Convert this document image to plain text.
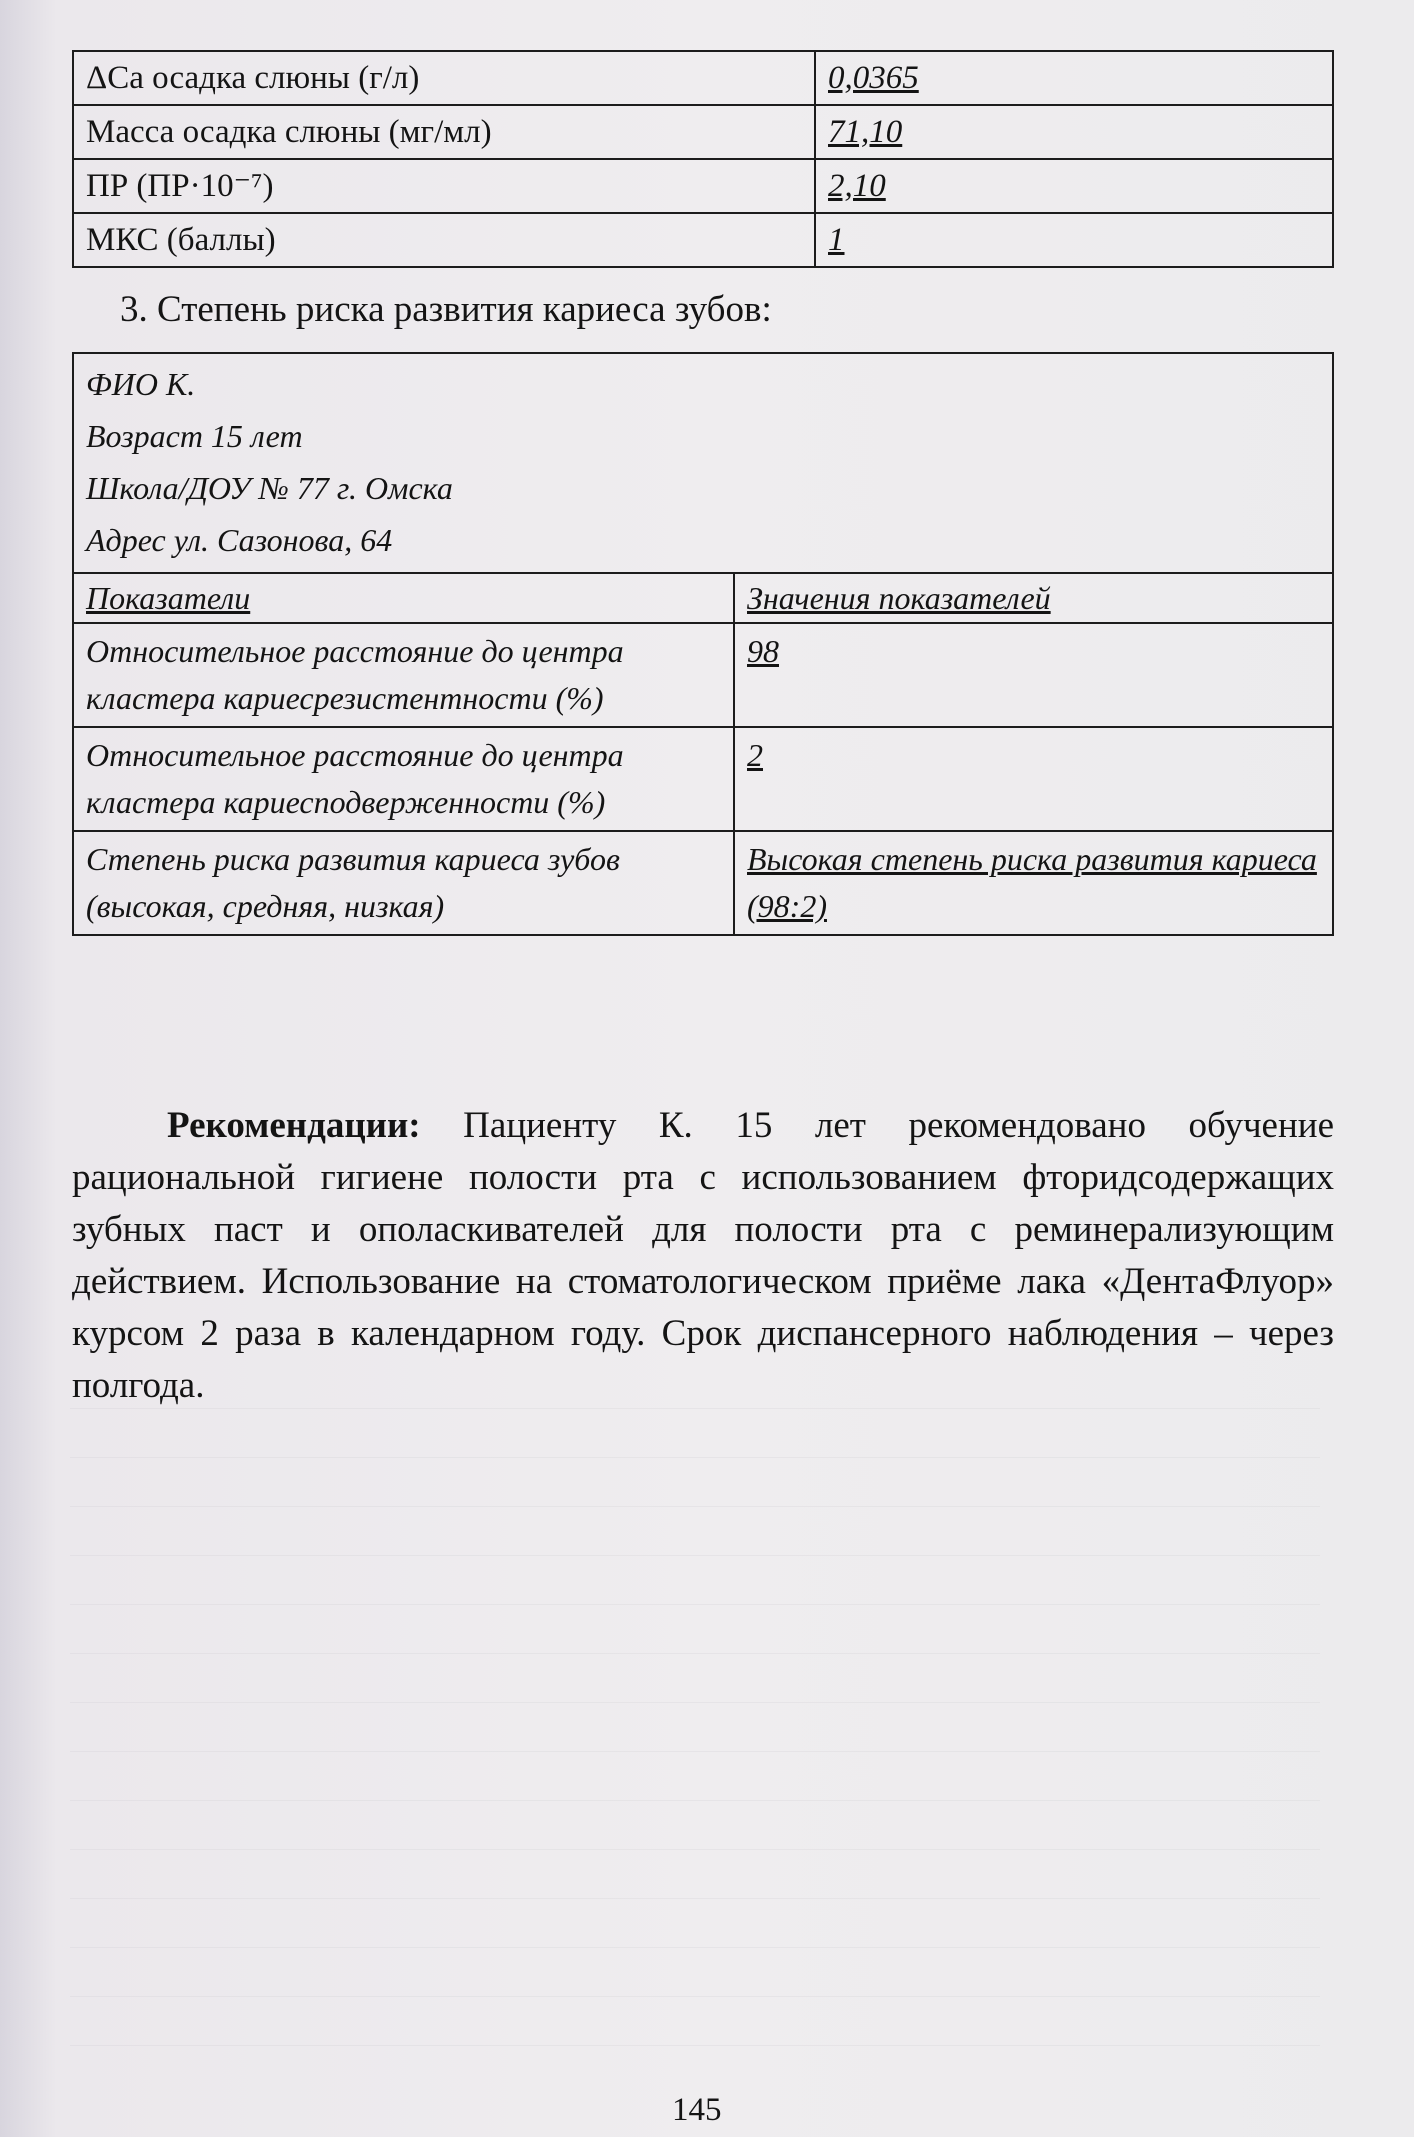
ΔCa осадка слюны (г/л)	0,0365
Масса осадка слюны (мг/мл)	71,10
ПР (ПР·10⁻⁷)	2,10
МКС (баллы)	1
3. Степень риска развития кариеса зубов:
ФИО К.
Возраст 15 лет
Школа/ДОУ № 77 г. Омска
Адрес ул. Сазонова, 64	

Показатели	Значения показателей
Относительное расстояние до центра кластера кариесрезистентности (%)	98
Относительное расстояние до центра кластера кариесподверженности (%)	2
Степень риска развития кариеса зубов (высокая, средняя, низкая)	Высокая степень риска развития кариеса (98:2)
Рекомендации: Пациенту К. 15 лет рекомендовано обучение рациональной гигиене полости рта с использованием фторидсодержащих зубных паст и ополаскивателей для полости рта с реминерализующим действием. Использование на стоматологическом приёме лака «ДентаФлуор» курсом 2 раза в календарном году. Срок диспансерного наблюдения – через полгода.
145
